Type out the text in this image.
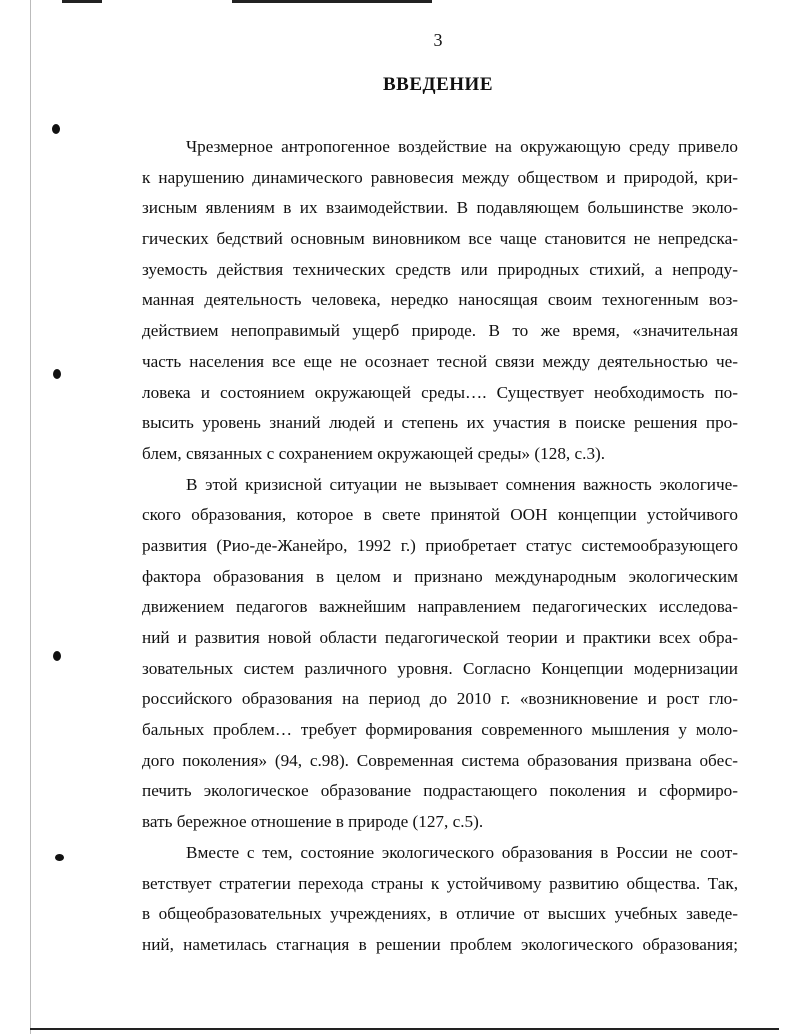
3
ВВЕДЕНИЕ
Чрезмерное антропогенное воздействие на окружающую среду привело
к нарушению динамического равновесия между обществом и природой, кри-
зисным явлениям в их взаимодействии. В подавляющем большинстве эколо-
гических бедствий основным виновником все чаще становится не непредска-
зуемость действия технических средств или природных стихий, а непроду-
манная деятельность человека, нередко наносящая своим техногенным воз-
действием непоправимый ущерб природе. В то же время, «значительная
часть населения все еще не осознает тесной связи между деятельностью че-
ловека и состоянием окружающей среды…. Существует необходимость по-
высить уровень знаний людей и степень их участия в поиске решения про-
блем, связанных с сохранением окружающей среды» (128, с.3).
В этой кризисной ситуации не вызывает сомнения важность экологиче-
ского образования, которое в свете принятой ООН концепции устойчивого
развития (Рио-де-Жанейро, 1992 г.) приобретает статус системообразующего
фактора образования в целом и признано международным экологическим
движением педагогов важнейшим направлением педагогических исследова-
ний и развития новой области педагогической теории и практики всех обра-
зовательных систем различного уровня. Согласно Концепции модернизации
российского образования на период до 2010 г. «возникновение и рост гло-
бальных проблем… требует формирования современного мышления у моло-
дого поколения» (94, с.98). Современная система образования призвана обес-
печить экологическое образование подрастающего поколения и сформиро-
вать бережное отношение в природе (127, с.5).
Вместе с тем, состояние экологического образования в России не соот-
ветствует стратегии перехода страны к устойчивому развитию общества. Так,
в общеобразовательных учреждениях, в отличие от высших учебных заведе-
ний, наметилась стагнация в решении проблем экологического образования;
